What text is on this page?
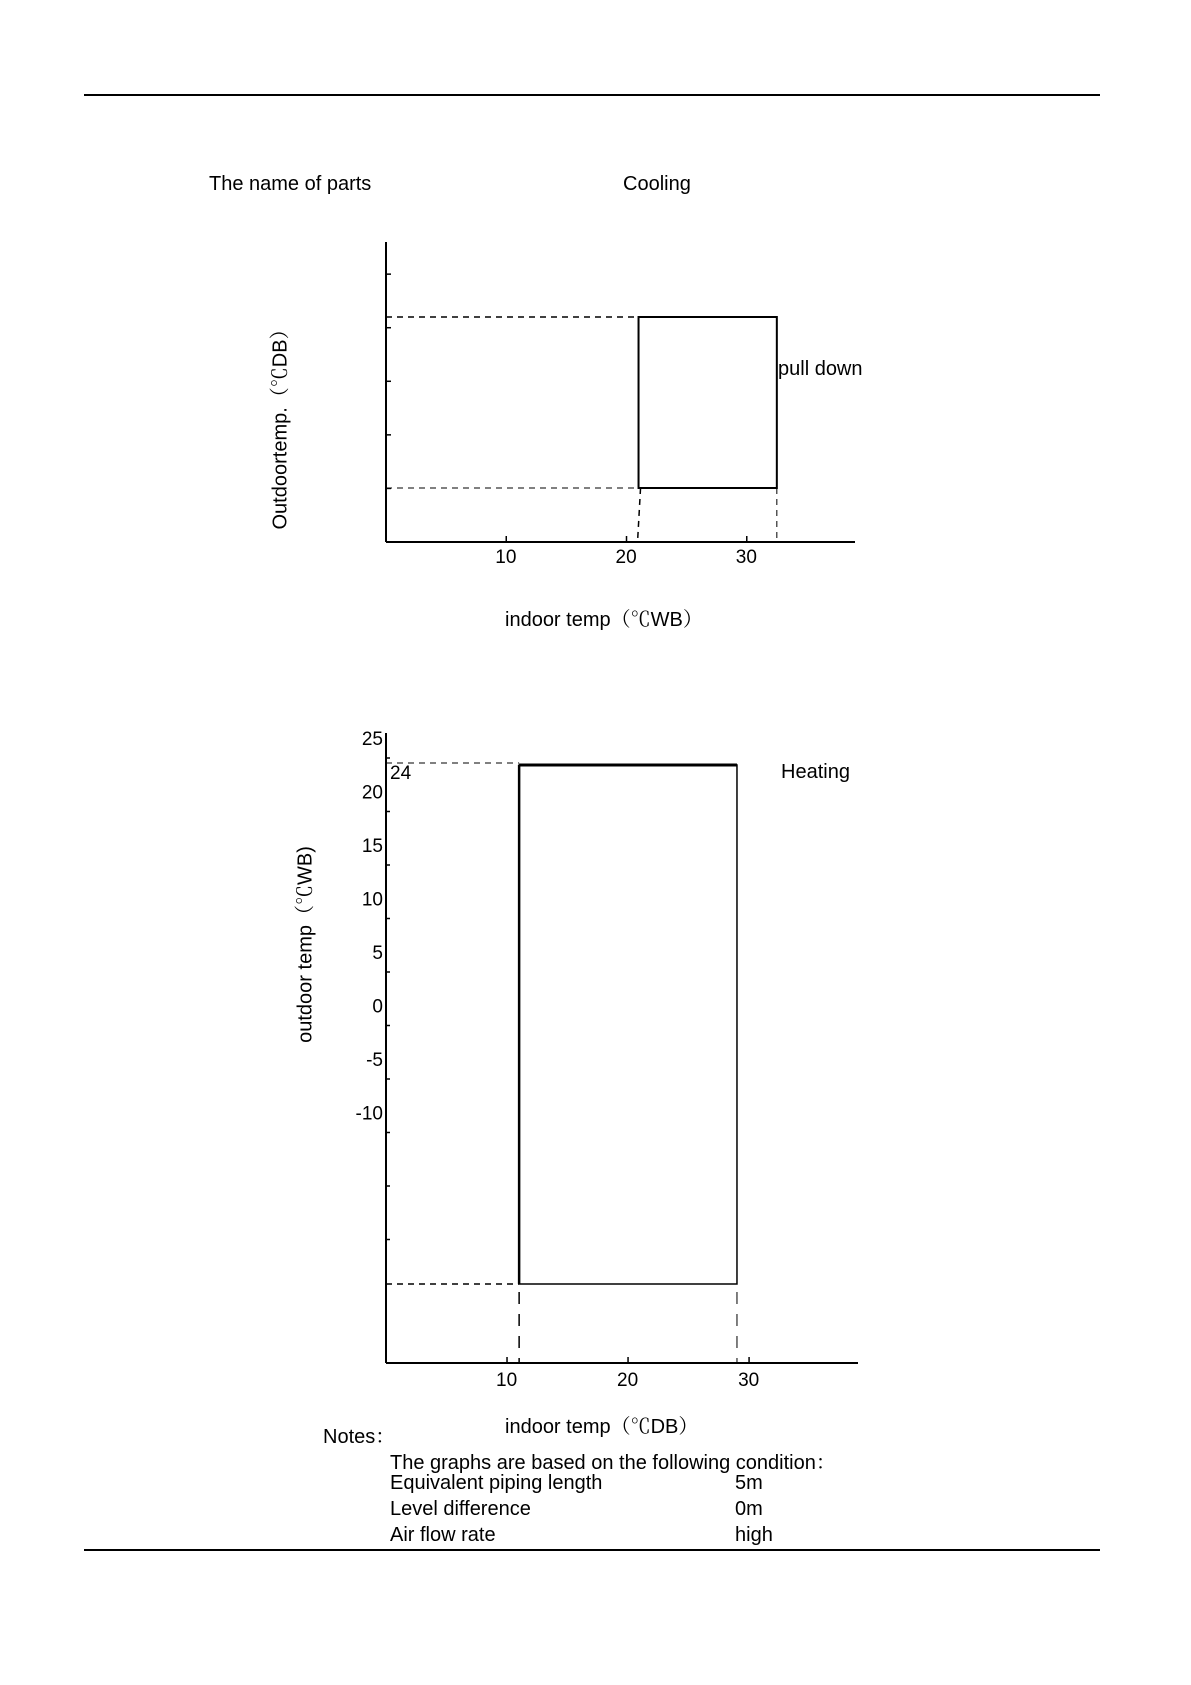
The name of parts	Cooling
10	20	30
Outdoortemp.（℃DB）
indoor temp（℃WB）
pull down
25
20
15
10
5
0
-5
-10
10	20	30
24
outdoor temp（℃WB)
indoor temp（℃DB）
Heating
Notes：
The graphs are based on the following condition：
Equivalent piping length	5m
Level difference	0m
Air flow rate	high
